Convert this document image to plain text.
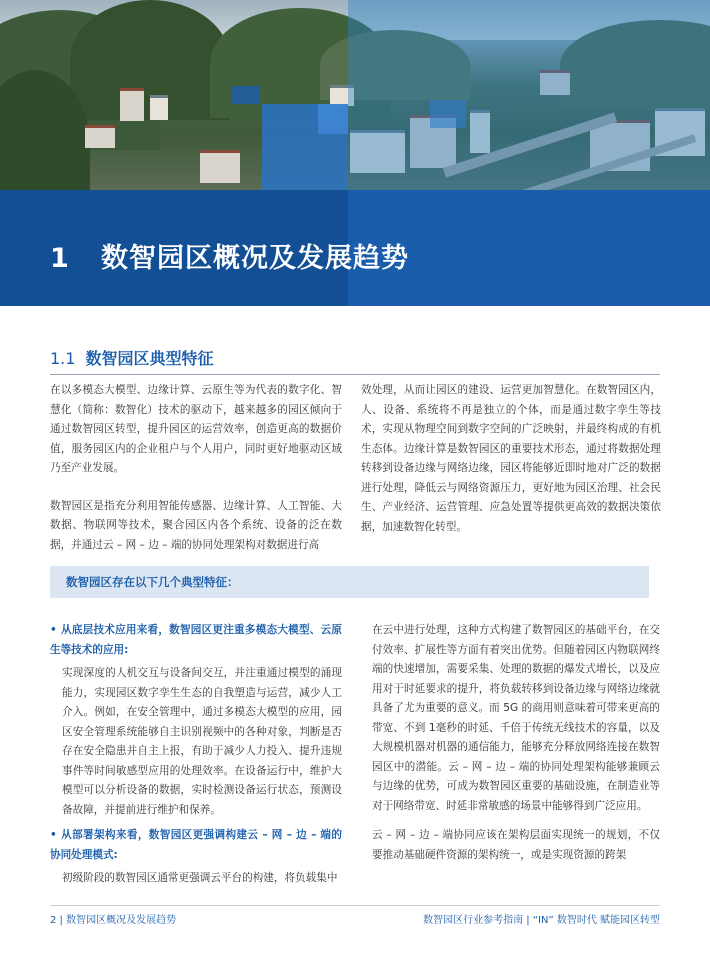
1 数智园区概况及发展趋势
1.1 数智园区典型特征

在以多模态大模型、边缘计算、云原生等为代表的数字化、智慧化（简称：数智化）技术的驱动下，越来越多的园区倾向于通过数智园区转型，提升园区的运营效率，创造更高的数据价值，服务园区内的企业租户与个人用户，同时更好地驱动区域乃至产业发展。

数智园区是指充分利用智能传感器、边缘计算、人工智能、大数据、物联网等技术，聚合园区内各个系统、设备的泛在数据，并通过云 – 网 – 边 – 端的协同处理架构对数据进行高

效处理，从而让园区的建设、运营更加智慧化。在数智园区内，人、设备、系统将不再是独立的个体，而是通过数字孪生等技术，实现从物理空间到数字空间的广泛映射，并最终构成的有机生态体。边缘计算是数智园区的重要技术形态，通过将数据处理转移到设备边缘与网络边缘，园区将能够近即时地对广泛的数据进行处理，降低云与网络资源压力，更好地为园区治理、社会民生、产业经济、运营管理、应急处置等提供更高效的数据决策依据，加速数智化转型。

数智园区存在以下几个典型特征：

• 从底层技术应用来看，数智园区更注重多模态大模型、云原生等技术的应用:

实现深度的人机交互与设备间交互，并注重通过模型的涌现能力，实现园区数字孪生生态的自我塑造与运营，减少人工介入。例如，在安全管理中，通过多模态大模型的应用，园区安全管理系统能够自主识别视频中的各种对象，判断是否存在安全隐患并自主上报，有助于减少人力投入、提升违规事件等时间敏感型应用的处理效率。在设备运行中，维护大模型可以分析设备的数据，实时检测设备运行状态，预测设备故障，并提前进行维护和保养。

• 从部署架构来看，数智园区更强调构建云 – 网 – 边 – 端的协同处理模式:

初级阶段的数智园区通常更强调云平台的构建，将负载集中

在云中进行处理，这种方式构建了数智园区的基础平台，在交付效率、扩展性等方面有着突出优势。但随着园区内物联网终端的快速增加，需要采集、处理的数据的爆发式增长，以及应用对于时延要求的提升，将负载转移到设备边缘与网络边缘就具备了尤为重要的意义。而 5G 的商用则意味着可带来更高的带宽、不到 1毫秒的时延、千倍于传统无线技术的容量，以及大规模机器对机器的通信能力，能够充分释放网络连接在数智园区中的潜能。云 – 网 – 边 – 端的协同处理架构能够兼顾云与边缘的优势，可成为数智园区重要的基础设施，在制造业等对于网络带宽、时延非常敏感的场景中能够得到广泛应用。

云 – 网 – 边 – 端协同应该在架构层面实现统一的规划，不仅要推动基础硬件资源的架构统一，或是实现资源的跨架

2 | 数智园区概况及发展趋势	数智园区行业参考指南 | “IN” 数智时代 赋能园区转型
